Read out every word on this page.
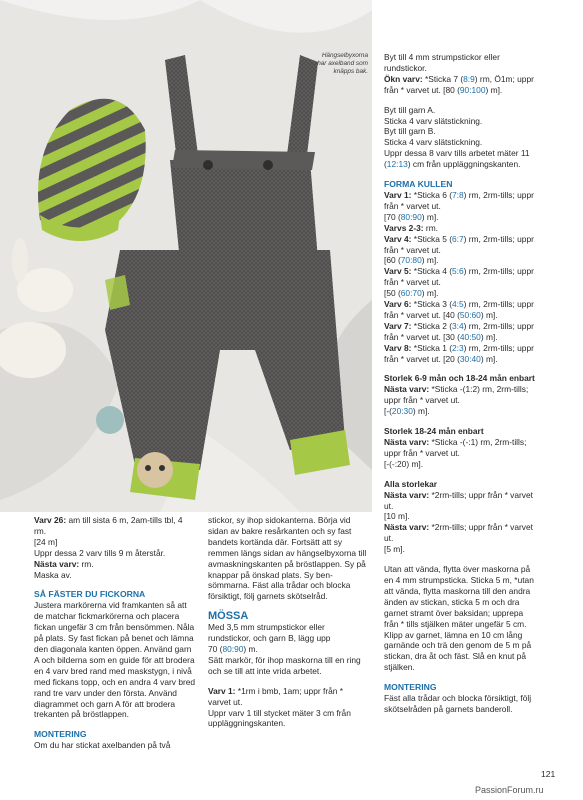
Hängselbyxorna
har axelband som
knäpps bak.

Byt till 4 mm strumpstickor eller

rundstickor.

Ökn varv: *Sticka 7 (8:9) rm, Ö1m; uppr

från * varvet ut. [80 (90:100) m].

Byt till garn A.

Sticka 4 varv slätstickning.

Byt till garn B.

Sticka 4 varv slätstickning.

Uppr dessa 8 varv tills arbetet mäter 11

(12:13) cm från uppläggningskanten.

FORMA KULLEN

Varv 1: *Sticka 6 (7:8) rm, 2rm-tills; uppr

från * varvet ut.

[70 (80:90) m].

Varvs 2-3: rm.

Varv 4: *Sticka 5 (6:7) rm, 2rm-tills; uppr

från * varvet ut.

[60 (70:80) m].

Varv 5: *Sticka 4 (5:6) rm, 2rm-tills; uppr

från * varvet ut.

[50 (60:70) m].

Varv 6: *Sticka 3 (4:5) rm, 2rm-tills; uppr

från * varvet ut. [40 (50:60) m].

Varv 7: *Sticka 2 (3:4) rm, 2rm-tills; uppr

från * varvet ut. [30 (40:50) m].

Varv 8: *Sticka 1 (2:3) rm, 2rm-tills; uppr

från * varvet ut. [20 (30:40) m].

Storlek 6-9 mån och 18-24 mån enbart

Nästa varv: *Sticka -(1:2) rm, 2rm-tills;

uppr från * varvet ut.

[-(20:30) m].

Storlek 18-24 mån enbart

Nästa varv: *Sticka -(-:1) rm, 2rm-tills;

uppr från * varvet ut.

[-(-:20) m].

Alla storlekar

Nästa varv: *2rm-tills; uppr från * varvet

ut.

[10 m].

Nästa varv: *2rm-tills; uppr från * varvet

ut.

[5 m].

Utan att vända, flytta över maskorna på

en 4 mm strumpsticka. Sticka 5 m, *utan

att vända, flytta maskorna till den andra

änden av stickan, sticka 5 m och dra

garnet stramt över baksidan; upprepa

från * tills stjälken mäter ungefär 5 cm.

Klipp av garnet, lämna en 10 cm lång

garnände och trä den genom de 5 m på

stickan, dra åt och fäst. Slå en knut på

stjälken.

MONTERING

Fäst alla trådar och blocka försiktigt, följ

skötselråden på garnets banderoll.

Varv 26: am till sista 6 m, 2am-tills tbl, 4 rm.

[24 m]

Uppr dessa 2 varv tills 9 m återstår.

Nästa varv: rm.

Maska av.

SÅ FÄSTER DU FICKORNA

Justera markörerna vid framkanten så att

de matchar fickmarkörerna och placera

fickan ungefär 3 cm från bensömmen. Nåla

på plats. Sy fast fickan på benet och lämna

den diagonala kanten öppen. Använd garn

A och bilderna som en guide för att brodera

en 4 varv bred rand med maskstygn, i nivå

med fickans topp, och en andra 4 varv bred

rand tre varv under den första. Använd

diagrammet och garn A för att brodera

trekanten på bröstlappen.

MONTERING

Om du har stickat axelbanden på två

stickor, sy ihop sidokanterna. Börja vid

sidan av bakre resårkanten och sy fast

bandets kortända där. Fortsätt att sy

remmen längs sidan av hängselbyxorna till

avmaskningskanten på bröstlappen. Sy på

knappar på önskad plats. Sy ben-

sömmarna. Fäst alla trådar och blocka

försiktigt, följ garnets skötselråd.

MÖSSA

Med 3,5 mm strumpstickor eller

rundstickor, och garn B, lägg upp

70 (80:90) m.

Sätt markör, för ihop maskorna till en ring

och se till att inte vrida arbetet.

Varv 1: *1rm i bmb, 1am; uppr från *

varvet ut.

Uppr varv 1 till stycket mäter 3 cm från

uppläggningskanten.

121
PassionForum.ru
